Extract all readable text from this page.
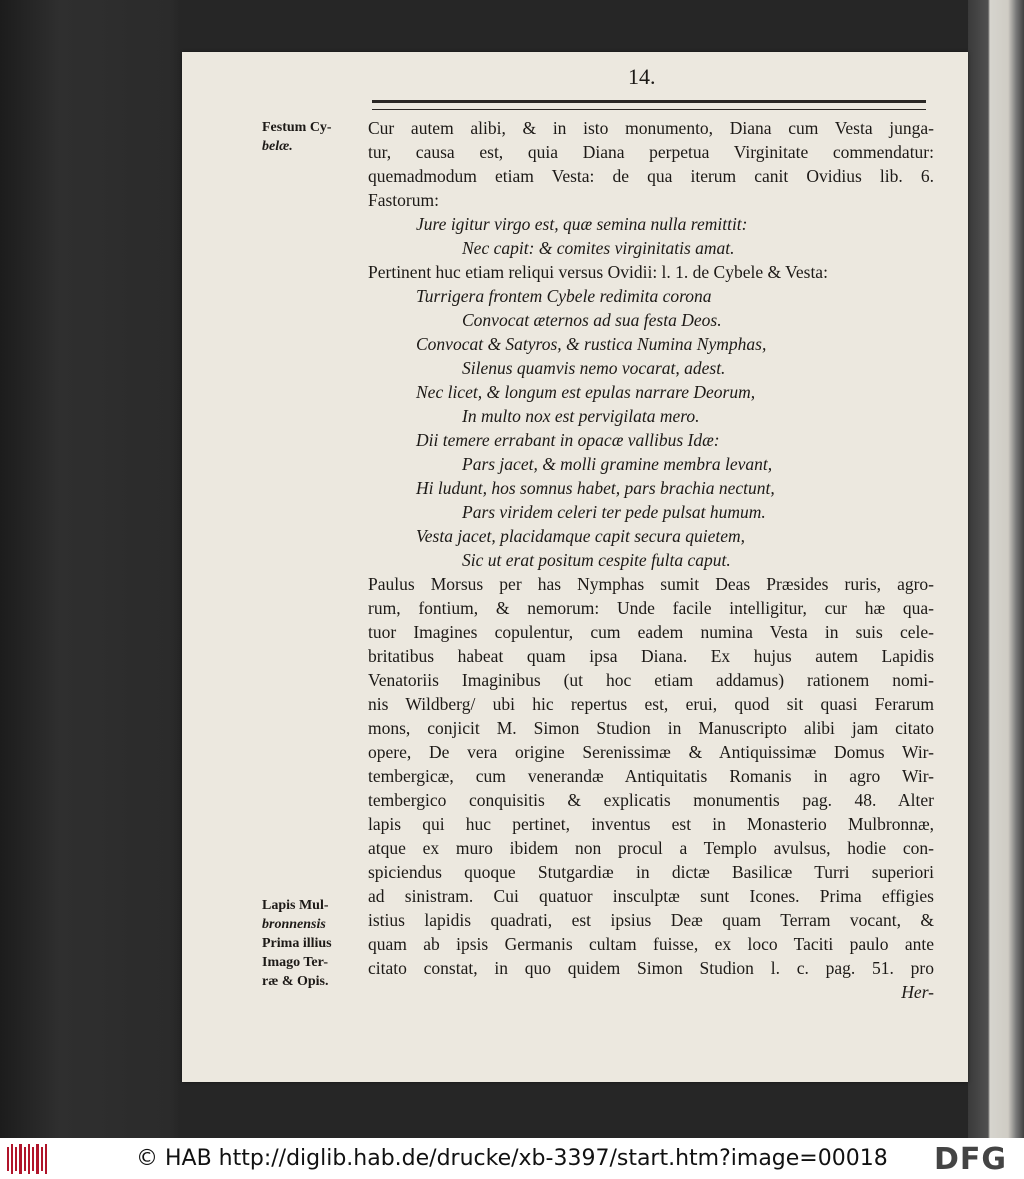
14.
Festum Cy-
belæ.
Lapis Mul-
bronnensis
Prima illius
Imago Ter-
ræ & Opis.
Cur autem alibi, & in isto monumento, Diana cum Vesta junga-
tur, causa est, quia Diana perpetua Virginitate commendatur:
quemadmodum etiam Vesta: de qua iterum canit Ovidius lib. 6.
Fastorum:
Jure igitur virgo est, quæ semina nulla remittit:
Nec capit: & comites virginitatis amat.
Pertinent huc etiam reliqui versus Ovidii: l. 1. de Cybele & Vesta:
Turrigera frontem Cybele redimita corona
Convocat æternos ad sua festa Deos.
Convocat & Satyros, & rustica Numina Nymphas,
Silenus quamvis nemo vocarat, adest.
Nec licet, & longum est epulas narrare Deorum,
In multo nox est pervigilata mero.
Dii temere errabant in opacæ vallibus Idæ:
Pars jacet, & molli gramine membra levant,
Hi ludunt, hos somnus habet, pars brachia nectunt,
Pars viridem celeri ter pede pulsat humum.
Vesta jacet, placidamque capit secura quietem,
Sic ut erat positum cespite fulta caput.
Paulus Morsus per has Nymphas sumit Deas Præsides ruris, agro-
rum, fontium, & nemorum: Unde facile intelligitur, cur hæ qua-
tuor Imagines copulentur, cum eadem numina Vesta in suis cele-
britatibus habeat quam ipsa Diana. Ex hujus autem Lapidis
Venatoriis Imaginibus (ut hoc etiam addamus) rationem nomi-
nis Wildberg/ ubi hic repertus est, erui, quod sit quasi Ferarum
mons, conjicit M. Simon Studion in Manuscripto alibi jam citato
opere, De vera origine Serenissimæ & Antiquissimæ Domus Wir-
tembergicæ, cum venerandæ Antiquitatis Romanis in agro Wir-
tembergico conquisitis & explicatis monumentis pag. 48. Alter
lapis qui huc pertinet, inventus est in Monasterio Mulbronnæ,
atque ex muro ibidem non procul a Templo avulsus, hodie con-
spiciendus quoque Stutgardiæ in dictæ Basilicæ Turri superiori
ad sinistram. Cui quatuor insculptæ sunt Icones. Prima effigies
istius lapidis quadrati, est ipsius Deæ quam Terram vocant, &
quam ab ipsis Germanis cultam fuisse, ex loco Taciti paulo ante
citato constat, in quo quidem Simon Studion l. c. pag. 51. pro
Her-
© HAB http://diglib.hab.de/drucke/xb-3397/start.htm?image=00018 DFG
